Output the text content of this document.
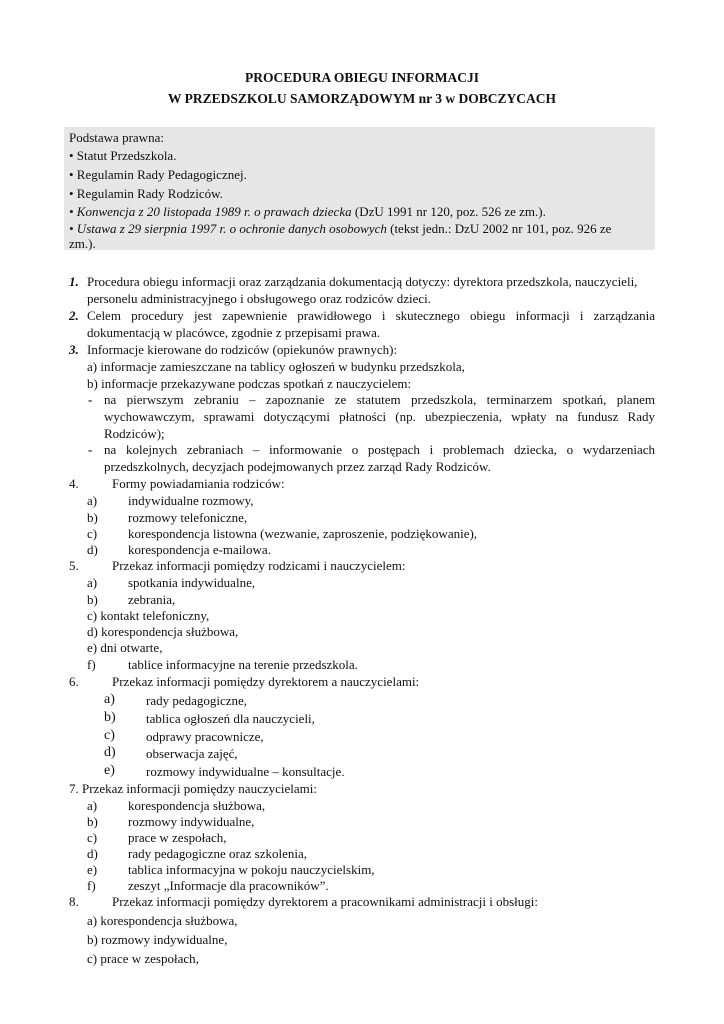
PROCEDURA OBIEGU INFORMACJI
W PRZEDSZKOLU SAMORZĄDOWYM nr 3 w DOBCZYCACH
Podstawa prawna:
• Statut Przedszkola.
• Regulamin Rady Pedagogicznej.
• Regulamin Rady Rodziców.
• Konwencja z 20 listopada 1989 r. o prawach dziecka (DzU 1991 nr 120, poz. 526 ze zm.).
• Ustawa z 29 sierpnia 1997 r. o ochronie danych osobowych (tekst jedn.: DzU 2002 nr 101, poz. 926 ze
zm.).
1. Procedura obiegu informacji oraz zarządzania dokumentacją dotyczy: dyrektora przedszkola, nauczycieli,
personelu administracyjnego i obsługowego oraz rodziców dzieci.
2. Celem procedury jest zapewnienie prawidłowego i skutecznego obiegu informacji i zarządzania
dokumentacją w placówce, zgodnie z przepisami prawa.
3. Informacje kierowane do rodziców (opiekunów prawnych):
a) informacje zamieszczane na tablicy ogłoszeń w budynku przedszkola,
b) informacje przekazywane podczas spotkań z nauczycielem:
- na pierwszym zebraniu – zapoznanie ze statutem przedszkola, terminarzem spotkań, planem
wychowawczym, sprawami dotyczącymi płatności (np. ubezpieczenia, wpłaty na fundusz Rady
Rodziców);
- na kolejnych zebraniach – informowanie o postępach i problemach dziecka, o wydarzeniach
przedszkolnych, decyzjach podejmowanych przez zarząd Rady Rodziców.
4.	Formy powiadamiania rodziców:
a) indywidualne rozmowy,
b) rozmowy telefoniczne,
c) korespondencja listowna (wezwanie, zaproszenie, podziękowanie),
d) korespondencja e-mailowa.
5.	Przekaz informacji pomiędzy rodzicami i nauczycielem:
a) spotkania indywidualne,
b) zebrania,
c) kontakt telefoniczny,
d) korespondencja służbowa,
e) dni otwarte,
f) tablice informacyjne na terenie przedszkola.
6.	Przekaz informacji pomiędzy dyrektorem a nauczycielami:
a) rady pedagogiczne,
b) tablica ogłoszeń dla nauczycieli,
c) odprawy pracownicze,
d) obserwacja zajęć,
e) rozmowy indywidualne – konsultacje.
7. Przekaz informacji pomiędzy nauczycielami:
a) korespondencja służbowa,
b) rozmowy indywidualne,
c) prace w zespołach,
d) rady pedagogiczne oraz szkolenia,
e) tablica informacyjna w pokoju nauczycielskim,
f) zeszyt „Informacje dla pracowników”.
8.	Przekaz informacji pomiędzy dyrektorem a pracownikami administracji i obsługi:
a) korespondencja służbowa,
b) rozmowy indywidualne,
c) prace w zespołach,
